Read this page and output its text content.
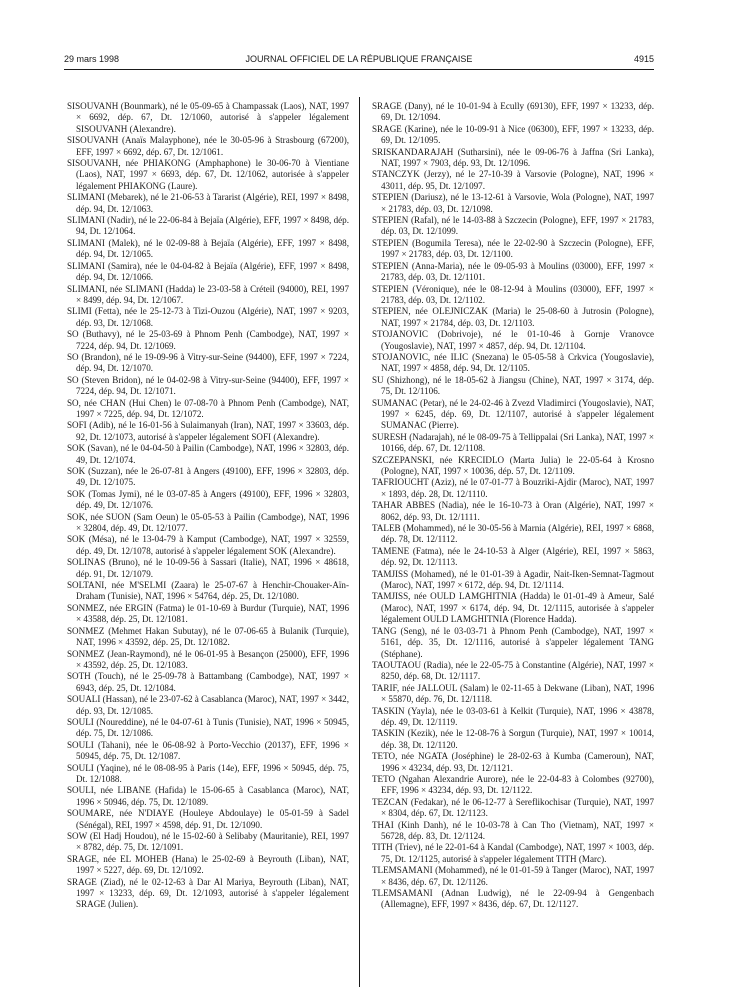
29 mars 1998	JOURNAL OFFICIEL DE LA RÉPUBLIQUE FRANÇAISE	4915

SISOUVANH (Bounmark), né le 05-09-65 à Champassak (Laos), NAT, 1997 × 6692, dép. 67, Dt. 12/1060, autorisé à s'appeler légalement SISOUVANH (Alexandre).

SISOUVANH (Anaïs Malayphone), née le 30-05-96 à Strasbourg (67200), EFF, 1997 × 6692, dép. 67, Dt. 12/1061.

SISOUVANH, née PHIAKONG (Amphaphone) le 30-06-70 à Vientiane (Laos), NAT, 1997 × 6693, dép. 67, Dt. 12/1062, autorisée à s'appeler légalement PHIAKONG (Laure).

SLIMANI (Mebarek), né le 21-06-53 à Tararist (Algérie), REI, 1997 × 8498, dép. 94, Dt. 12/1063.

SLIMANI (Nadir), né le 22-06-84 à Bejaïa (Algérie), EFF, 1997 × 8498, dép. 94, Dt. 12/1064.

SLIMANI (Malek), né le 02-09-88 à Bejaïa (Algérie), EFF, 1997 × 8498, dép. 94, Dt. 12/1065.

SLIMANI (Samira), née le 04-04-82 à Bejaïa (Algérie), EFF, 1997 × 8498, dép. 94, Dt. 12/1066.

SLIMANI, née SLIMANI (Hadda) le 23-03-58 à Créteil (94000), REI, 1997 × 8499, dép. 94, Dt. 12/1067.

SLIMI (Fetta), née le 25-12-73 à Tizi-Ouzou (Algérie), NAT, 1997 × 9203, dép. 93, Dt. 12/1068.

SO (Buthavy), né le 25-03-69 à Phnom Penh (Cambodge), NAT, 1997 × 7224, dép. 94, Dt. 12/1069.

SO (Brandon), né le 19-09-96 à Vitry-sur-Seine (94400), EFF, 1997 × 7224, dép. 94, Dt. 12/1070.

SO (Steven Bridon), né le 04-02-98 à Vitry-sur-Seine (94400), EFF, 1997 × 7224, dép. 94, Dt. 12/1071.

SO, née CHAN (Hui Chen) le 07-08-70 à Phnom Penh (Cambodge), NAT, 1997 × 7225, dép. 94, Dt. 12/1072.

SOFI (Adib), né le 16-01-56 à Sulaimanyah (Iran), NAT, 1997 × 33603, dép. 92, Dt. 12/1073, autorisé à s'appeler légalement SOFI (Alexandre).

SOK (Savan), né le 04-04-50 à Pailin (Cambodge), NAT, 1996 × 32803, dép. 49, Dt. 12/1074.

SOK (Suzzan), née le 26-07-81 à Angers (49100), EFF, 1996 × 32803, dép. 49, Dt. 12/1075.

SOK (Tomas Jymi), né le 03-07-85 à Angers (49100), EFF, 1996 × 32803, dép. 49, Dt. 12/1076.

SOK, née SUON (Sam Oeun) le 05-05-53 à Pailin (Cambodge), NAT, 1996 × 32804, dép. 49, Dt. 12/1077.

SOK (Mésa), né le 13-04-79 à Kamput (Cambodge), NAT, 1997 × 32559, dép. 49, Dt. 12/1078, autorisé à s'appeler légalement SOK (Alexandre).

SOLINAS (Bruno), né le 10-09-56 à Sassari (Italie), NAT, 1996 × 48618, dép. 91, Dt. 12/1079.

SOLTANI, née M'SELMI (Zaara) le 25-07-67 à Henchir-Chouaker-Aïn-Draham (Tunisie), NAT, 1996 × 54764, dép. 25, Dt. 12/1080.

SONMEZ, née ERGIN (Fatma) le 01-10-69 à Burdur (Turquie), NAT, 1996 × 43588, dép. 25, Dt. 12/1081.

SONMEZ (Mehmet Hakan Subutay), né le 07-06-65 à Bulanik (Turquie), NAT, 1996 × 43592, dép. 25, Dt. 12/1082.

SONMEZ (Jean-Raymond), né le 06-01-95 à Besançon (25000), EFF, 1996 × 43592, dép. 25, Dt. 12/1083.

SOTH (Touch), né le 25-09-78 à Battambang (Cambodge), NAT, 1997 × 6943, dép. 25, Dt. 12/1084.

SOUALI (Hassan), né le 23-07-62 à Casablanca (Maroc), NAT, 1997 × 3442, dép. 93, Dt. 12/1085.

SOULI (Noureddine), né le 04-07-61 à Tunis (Tunisie), NAT, 1996 × 50945, dép. 75, Dt. 12/1086.

SOULI (Tahani), née le 06-08-92 à Porto-Vecchio (20137), EFF, 1996 × 50945, dép. 75, Dt. 12/1087.

SOULI (Yaqine), né le 08-08-95 à Paris (14e), EFF, 1996 × 50945, dép. 75, Dt. 12/1088.

SOULI, née LIBANE (Hafida) le 15-06-65 à Casablanca (Maroc), NAT, 1996 × 50946, dép. 75, Dt. 12/1089.

SOUMARE, née N'DIAYE (Houleye Abdoulaye) le 05-01-59 à Sadel (Sénégal), REI, 1997 × 4598, dép. 91, Dt. 12/1090.

SOW (El Hadj Houdou), né le 15-02-60 à Selibaby (Mauritanie), REI, 1997 × 8782, dép. 75, Dt. 12/1091.

SRAGE, née EL MOHEB (Hana) le 25-02-69 à Beyrouth (Liban), NAT, 1997 × 5227, dép. 69, Dt. 12/1092.

SRAGE (Ziad), né le 02-12-63 à Dar Al Mariya, Beyrouth (Liban), NAT, 1997 × 13233, dép. 69, Dt. 12/1093, autorisé à s'appeler légalement SRAGE (Julien).

SRAGE (Dany), né le 10-01-94 à Ecully (69130), EFF, 1997 × 13233, dép. 69, Dt. 12/1094.

SRAGE (Karine), née le 10-09-91 à Nice (06300), EFF, 1997 × 13233, dép. 69, Dt. 12/1095.

SRISKANDARAJAH (Sutharsini), née le 09-06-76 à Jaffna (Sri Lanka), NAT, 1997 × 7903, dép. 93, Dt. 12/1096.

STANCZYK (Jerzy), né le 27-10-39 à Varsovie (Pologne), NAT, 1996 × 43011, dép. 95, Dt. 12/1097.

STEPIEN (Dariusz), né le 13-12-61 à Varsovie, Wola (Pologne), NAT, 1997 × 21783, dép. 03, Dt. 12/1098.

STEPIEN (Rafal), né le 14-03-88 à Szczecin (Pologne), EFF, 1997 × 21783, dép. 03, Dt. 12/1099.

STEPIEN (Bogumila Teresa), née le 22-02-90 à Szczecin (Pologne), EFF, 1997 × 21783, dép. 03, Dt. 12/1100.

STEPIEN (Anna-Maria), née le 09-05-93 à Moulins (03000), EFF, 1997 × 21783, dép. 03, Dt. 12/1101.

STEPIEN (Véronique), née le 08-12-94 à Moulins (03000), EFF, 1997 × 21783, dép. 03, Dt. 12/1102.

STEPIEN, née OLEJNICZAK (Maria) le 25-08-60 à Jutrosin (Pologne), NAT, 1997 × 21784, dép. 03, Dt. 12/1103.

STOJANOVIC (Dobrivoje), né le 01-10-46 à Gornje Vranovce (Yougoslavie), NAT, 1997 × 4857, dép. 94, Dt. 12/1104.

STOJANOVIC, née ILIC (Snezana) le 05-05-58 à Crkvica (Yougoslavie), NAT, 1997 × 4858, dép. 94, Dt. 12/1105.

SU (Shizhong), né le 18-05-62 à Jiangsu (Chine), NAT, 1997 × 3174, dép. 75, Dt. 12/1106.

SUMANAC (Petar), né le 24-02-46 à Zvezd Vladimirci (Yougoslavie), NAT, 1997 × 6245, dép. 69, Dt. 12/1107, autorisé à s'appeler légalement SUMANAC (Pierre).

SURESH (Nadarajah), né le 08-09-75 à Tellippalai (Sri Lanka), NAT, 1997 × 10166, dép. 67, Dt. 12/1108.

SZCZEPANSKI, née KRECIDLO (Marta Julia) le 22-05-64 à Krosno (Pologne), NAT, 1997 × 10036, dép. 57, Dt. 12/1109.

TAFRIOUCHT (Aziz), né le 07-01-77 à Bouzriki-Ajdir (Maroc), NAT, 1997 × 1893, dép. 28, Dt. 12/1110.

TAHAR ABBES (Nadia), née le 16-10-73 à Oran (Algérie), NAT, 1997 × 8062, dép. 93, Dt. 12/1111.

TALEB (Mohammed), né le 30-05-56 à Marnia (Algérie), REI, 1997 × 6868, dép. 78, Dt. 12/1112.

TAMENE (Fatma), née le 24-10-53 à Alger (Algérie), REI, 1997 × 5863, dép. 92, Dt. 12/1113.

TAMJISS (Mohamed), né le 01-01-39 à Agadir, Nait-Iken-Semnat-Tagmout (Maroc), NAT, 1997 × 6172, dép. 94, Dt. 12/1114.

TAMJISS, née OULD LAMGHITNIA (Hadda) le 01-01-49 à Ameur, Salé (Maroc), NAT, 1997 × 6174, dép. 94, Dt. 12/1115, autorisée à s'appeler légalement OULD LAMGHITNIA (Florence Hadda).

TANG (Seng), né le 03-03-71 à Phnom Penh (Cambodge), NAT, 1997 × 5161, dép. 35, Dt. 12/1116, autorisé à s'appeler légalement TANG (Stéphane).

TAOUTAOU (Radia), née le 22-05-75 à Constantine (Algérie), NAT, 1997 × 8250, dép. 68, Dt. 12/1117.

TARIF, née JALLOUL (Salam) le 02-11-65 à Dekwane (Liban), NAT, 1996 × 55870, dép. 76, Dt. 12/1118.

TASKIN (Yayla), née le 03-03-61 à Kelkit (Turquie), NAT, 1996 × 43878, dép. 49, Dt. 12/1119.

TASKIN (Kezik), née le 12-08-76 à Sorgun (Turquie), NAT, 1997 × 10014, dép. 38, Dt. 12/1120.

TETO, née NGATA (Joséphine) le 28-02-63 à Kumba (Cameroun), NAT, 1996 × 43234, dép. 93, Dt. 12/1121.

TETO (Ngahan Alexandrie Aurore), née le 22-04-83 à Colombes (92700), EFF, 1996 × 43234, dép. 93, Dt. 12/1122.

TEZCAN (Fedakar), né le 06-12-77 à Sereflikochisar (Turquie), NAT, 1997 × 8304, dép. 67, Dt. 12/1123.

THAI (Kinh Danh), né le 10-03-78 à Can Tho (Vietnam), NAT, 1997 × 56728, dép. 83, Dt. 12/1124.

TITH (Triev), né le 22-01-64 à Kandal (Cambodge), NAT, 1997 × 1003, dép. 75, Dt. 12/1125, autorisé à s'appeler légalement TITH (Marc).

TLEMSAMANI (Mohammed), né le 01-01-59 à Tanger (Maroc), NAT, 1997 × 8436, dép. 67, Dt. 12/1126.

TLEMSAMANI (Adnan Ludwig), né le 22-09-94 à Gengenbach (Allemagne), EFF, 1997 × 8436, dép. 67, Dt. 12/1127.
